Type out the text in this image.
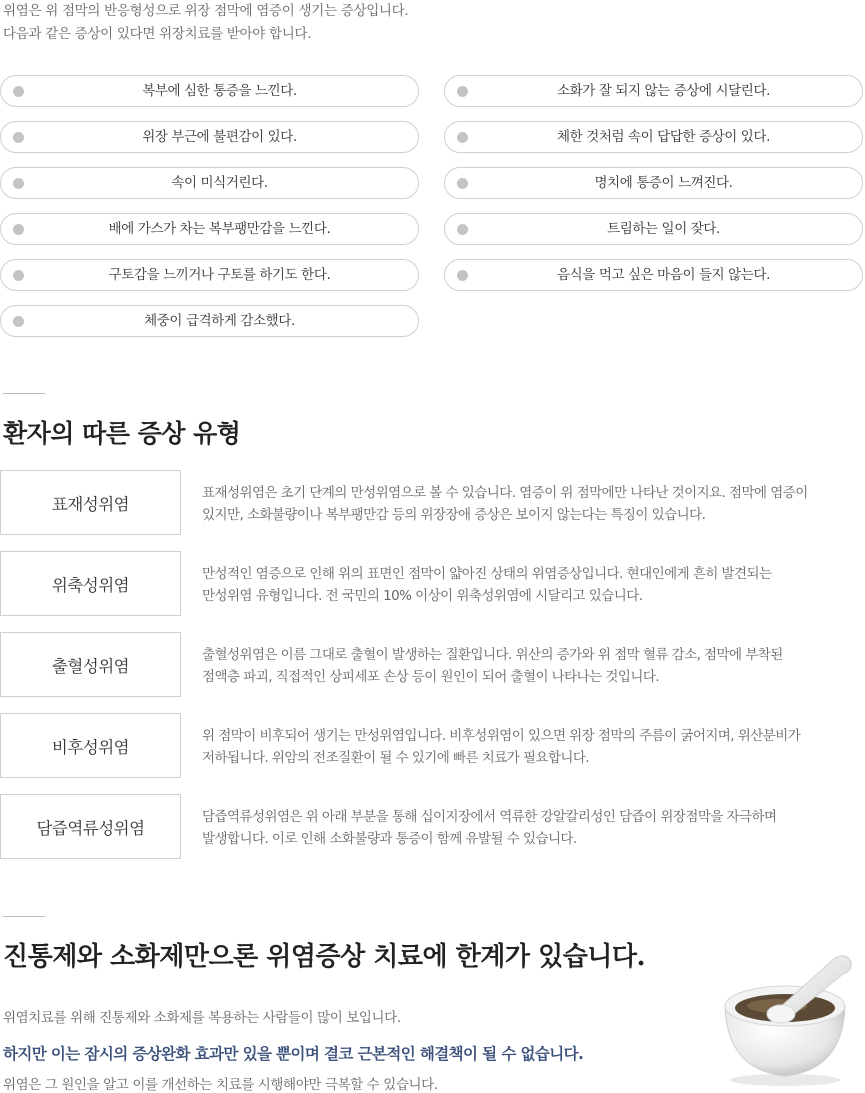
위염은 위 점막의 반응형성으로 위장 점막에 염증이 생기는 증상입니다.
다음과 같은 증상이 있다면 위장치료를 받아야 합니다.
복부에 심한 통증을 느낀다.	소화가 잘 되지 않는 증상에 시달린다.
위장 부근에 불편감이 있다.	체한 것처럼 속이 답답한 증상이 있다.
속이 미식거린다.	명치에 통증이 느껴진다.
배에 가스가 차는 복부팽만감을 느낀다.	트림하는 일이 잦다.
구토감을 느끼거나 구토를 하기도 한다.	음식을 먹고 싶은 마음이 들지 않는다.
체중이 급격하게 감소했다.
환자의 따른 증상 유형
표재성위염
표재성위염은 초기 단계의 만성위염으로 볼 수 있습니다. 염증이 위 점막에만 나타난 것이지요. 점막에 염증이
있지만, 소화불량이나 복부팽만감 등의 위장장애 증상은 보이지 않는다는 특징이 있습니다.
위축성위염
만성적인 염증으로 인해 위의 표면인 점막이 얇아진 상태의 위염증상입니다. 현대인에게 흔히 발견되는
만성위염 유형입니다. 전 국민의 10% 이상이 위축성위염에 시달리고 있습니다.
출혈성위염
출혈성위염은 이름 그대로 출혈이 발생하는 질환입니다. 위산의 증가와 위 점막 혈류 감소, 점막에 부착된
점액층 파괴, 직접적인 상피세포 손상 등이 원인이 되어 출혈이 나타나는 것입니다.
비후성위염
위 점막이 비후되어 생기는 만성위염입니다. 비후성위염이 있으면 위장 점막의 주름이 굵어지며, 위산분비가
저하됩니다. 위암의 전조질환이 될 수 있기에 빠른 치료가 필요합니다.
담즙역류성위염
담즙역류성위염은 위 아래 부분을 통해 십이지장에서 역류한 강알칼리성인 담즙이 위장점막을 자극하며
발생합니다. 이로 인해 소화불량과 통증이 함께 유발될 수 있습니다.
진통제와 소화제만으론 위염증상 치료에 한계가 있습니다.

위염치료를 위해 진통제와 소화제를 복용하는 사람들이 많이 보입니다.

하지만 이는 잠시의 증상완화 효과만 있을 뿐이며 결코 근본적인 해결책이 될 수 없습니다.

위염은 그 원인을 알고 이를 개선하는 치료를 시행해야만 극복할 수 있습니다.
